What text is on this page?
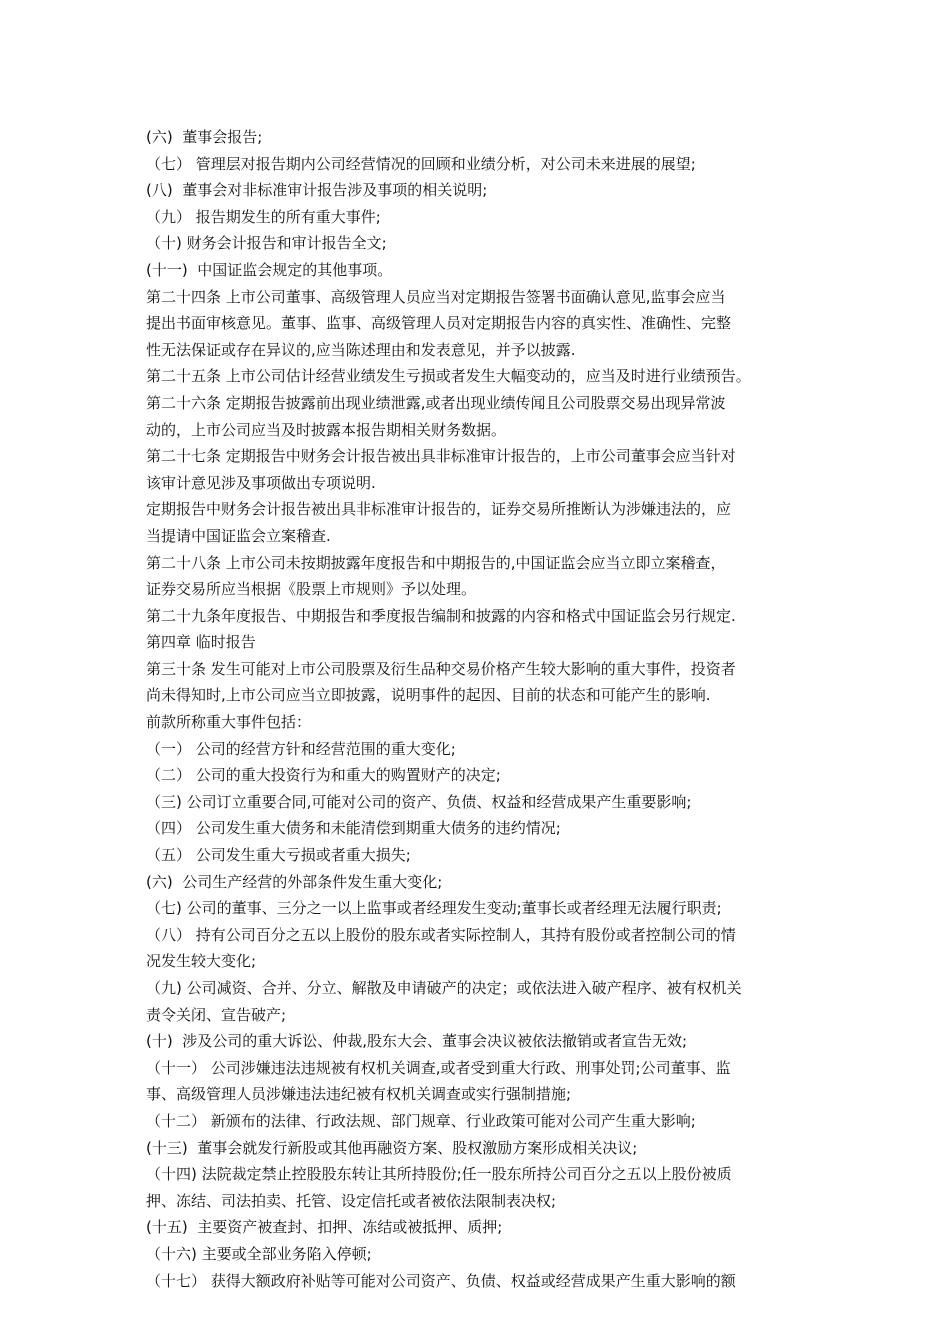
(六)  董事会报告;
（七） 管理层对报告期内公司经营情况的回顾和业绩分析，对公司未来进展的展望;
(八)  董事会对非标准审计报告涉及事项的相关说明;
（九） 报告期发生的所有重大事件;
（十) 财务会计报告和审计报告全文;
(十一)  中国证监会规定的其他事项。
第二十四条 上市公司董事、高级管理人员应当对定期报告签署书面确认意见,监事会应当
提出书面审核意见。董事、监事、高级管理人员对定期报告内容的真实性、准确性、完整
性无法保证或存在异议的,应当陈述理由和发表意见，并予以披露.
第二十五条 上市公司估计经营业绩发生亏损或者发生大幅变动的，应当及时进行业绩预告。
第二十六条 定期报告披露前出现业绩泄露,或者出现业绩传闻且公司股票交易出现异常波
动的，上市公司应当及时披露本报告期相关财务数据。
第二十七条 定期报告中财务会计报告被出具非标准审计报告的，上市公司董事会应当针对
该审计意见涉及事项做出专项说明.
定期报告中财务会计报告被出具非标准审计报告的，证券交易所推断认为涉嫌违法的，应
当提请中国证监会立案稽查.
第二十八条 上市公司未按期披露年度报告和中期报告的,中国证监会应当立即立案稽查，
证券交易所应当根据《股票上市规则》予以处理。
第二十九条年度报告、中期报告和季度报告编制和披露的内容和格式中国证监会另行规定.
第四章 临时报告
第三十条 发生可能对上市公司股票及衍生品种交易价格产生较大影响的重大事件，投资者
尚未得知时,上市公司应当立即披露，说明事件的起因、目前的状态和可能产生的影响.
前款所称重大事件包括：
（一） 公司的经营方针和经营范围的重大变化;
（二） 公司的重大投资行为和重大的购置财产的决定;
（三) 公司订立重要合同,可能对公司的资产、负债、权益和经营成果产生重要影响;
（四） 公司发生重大债务和未能清偿到期重大债务的违约情况;
（五） 公司发生重大亏损或者重大损失;
(六)  公司生产经营的外部条件发生重大变化;
（七) 公司的董事、三分之一以上监事或者经理发生变动;董事长或者经理无法履行职责;
（八） 持有公司百分之五以上股份的股东或者实际控制人，其持有股份或者控制公司的情
况发生较大变化;
（九) 公司减资、合并、分立、解散及申请破产的决定；或依法进入破产程序、被有权机关
责令关闭、宣告破产;
(十)  涉及公司的重大诉讼、仲裁,股东大会、董事会决议被依法撤销或者宣告无效;
（十一） 公司涉嫌违法违规被有权机关调查,或者受到重大行政、刑事处罚;公司董事、监
事、高级管理人员涉嫌违法违纪被有权机关调查或实行强制措施;
（十二） 新颁布的法律、行政法规、部门规章、行业政策可能对公司产生重大影响;
(十三)  董事会就发行新股或其他再融资方案、股权激励方案形成相关决议;
（十四) 法院裁定禁止控股股东转让其所持股份;任一股东所持公司百分之五以上股份被质
押、冻结、司法拍卖、托管、设定信托或者被依法限制表决权;
(十五)  主要资产被查封、扣押、冻结或被抵押、质押;
（十六) 主要或全部业务陷入停顿;
（十七） 获得大额政府补贴等可能对公司资产、负债、权益或经营成果产生重大影响的额
